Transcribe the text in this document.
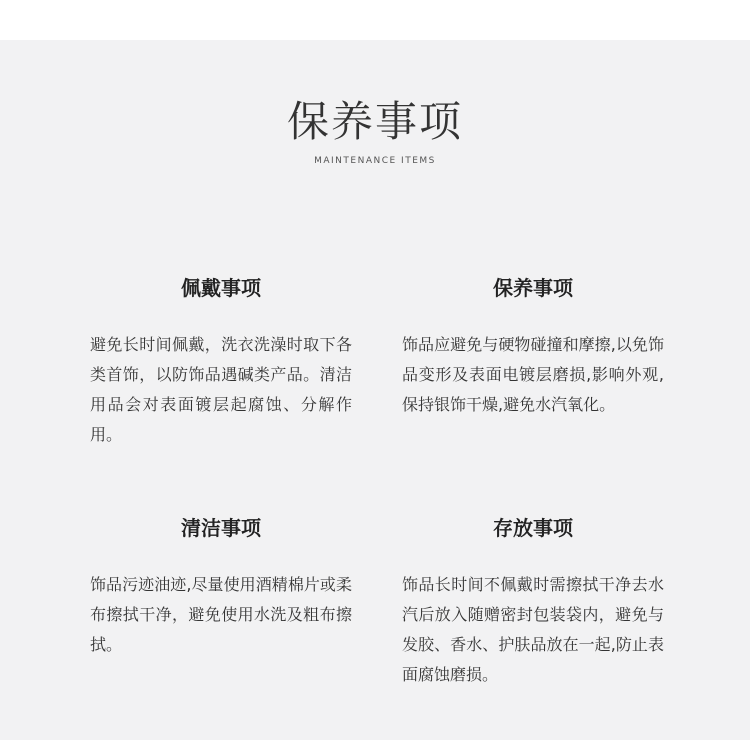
保养事项
MAINTENANCE ITEMS
佩戴事项

避免长时间佩戴，洗衣洗澡时取下各类首饰，以防饰品遇碱类产品。清洁用品会对表面镀层起腐蚀、分解作用。

保养事项

饰品应避免与硬物碰撞和摩擦,以免饰品变形及表面电镀层磨损,影响外观,保持银饰干燥,避免水汽氧化。

清洁事项

饰品污迹油迹,尽量使用酒精棉片或柔布擦拭干净，避免使用水洗及粗布擦拭。

存放事项

饰品长时间不佩戴时需擦拭干净去水汽后放入随赠密封包装袋内，避免与发胶、香水、护肤品放在一起,防止表面腐蚀磨损。
